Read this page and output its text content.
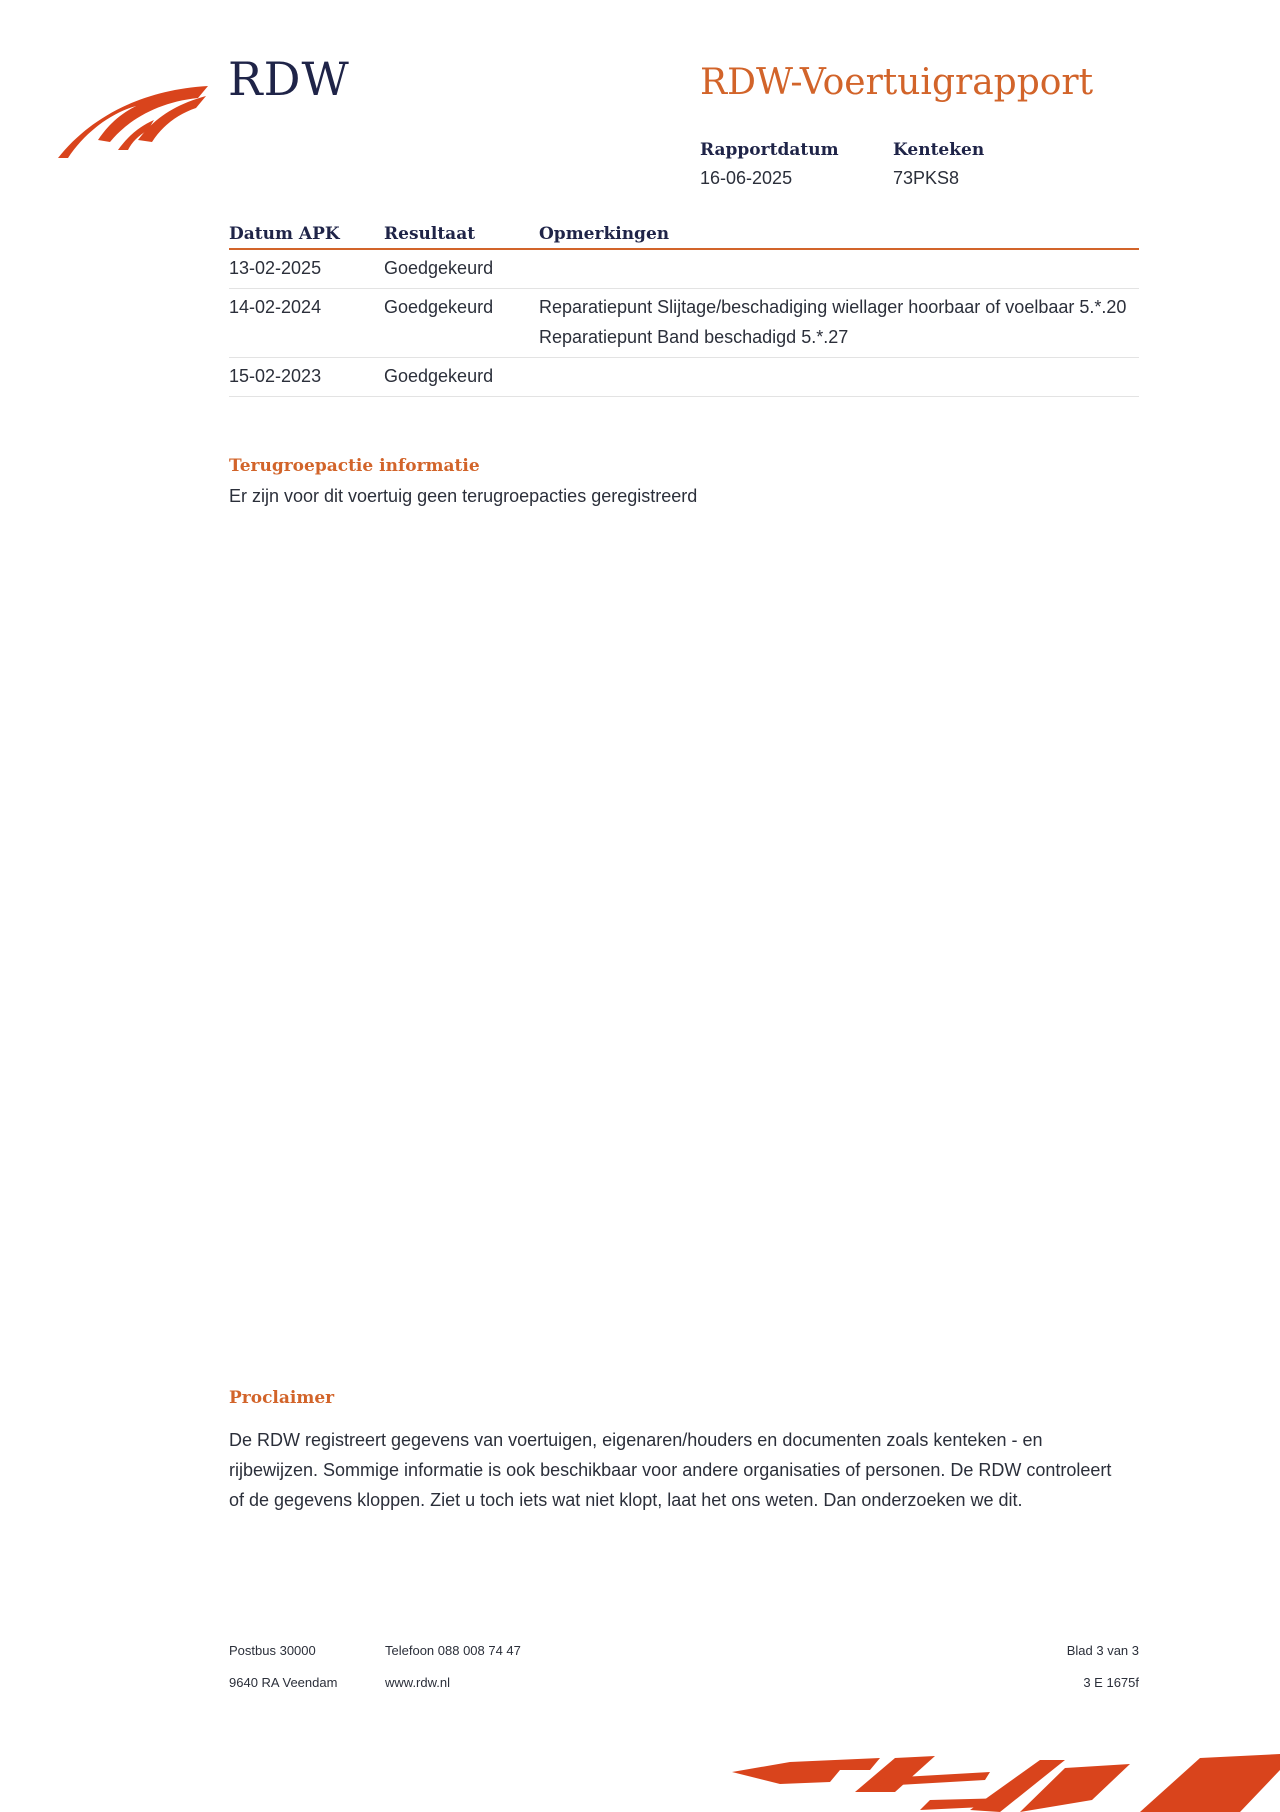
RDW	RDW-Voertuigrapport
Rapportdatum
16-06-2025
Kenteken
73PKS8
Datum APK	Resultaat	Opmerkingen
13-02-2025	Goedgekeurd	
14-02-2024	Goedgekeurd	Reparatiepunt Slijtage/beschadiging wiellager hoorbaar of voelbaar 5.*.20
Reparatiepunt Band beschadigd 5.*.27

15-02-2023	Goedgekeurd	
Terugroepactie informatie
Er zijn voor dit voertuig geen terugroepacties geregistreerd
Proclaimer
De RDW registreert gegevens van voertuigen, eigenaren/houders en documenten zoals kenteken - en rijbewijzen. Sommige informatie is ook beschikbaar voor andere organisaties of personen. De RDW controleert of de gegevens kloppen. Ziet u toch iets wat niet klopt, laat het ons weten. Dan onderzoeken we dit.
Postbus 30000
9640 RA Veendam
Telefoon 088 008 74 47
www.rdw.nl
Blad 3 van 3
3 E 1675f
